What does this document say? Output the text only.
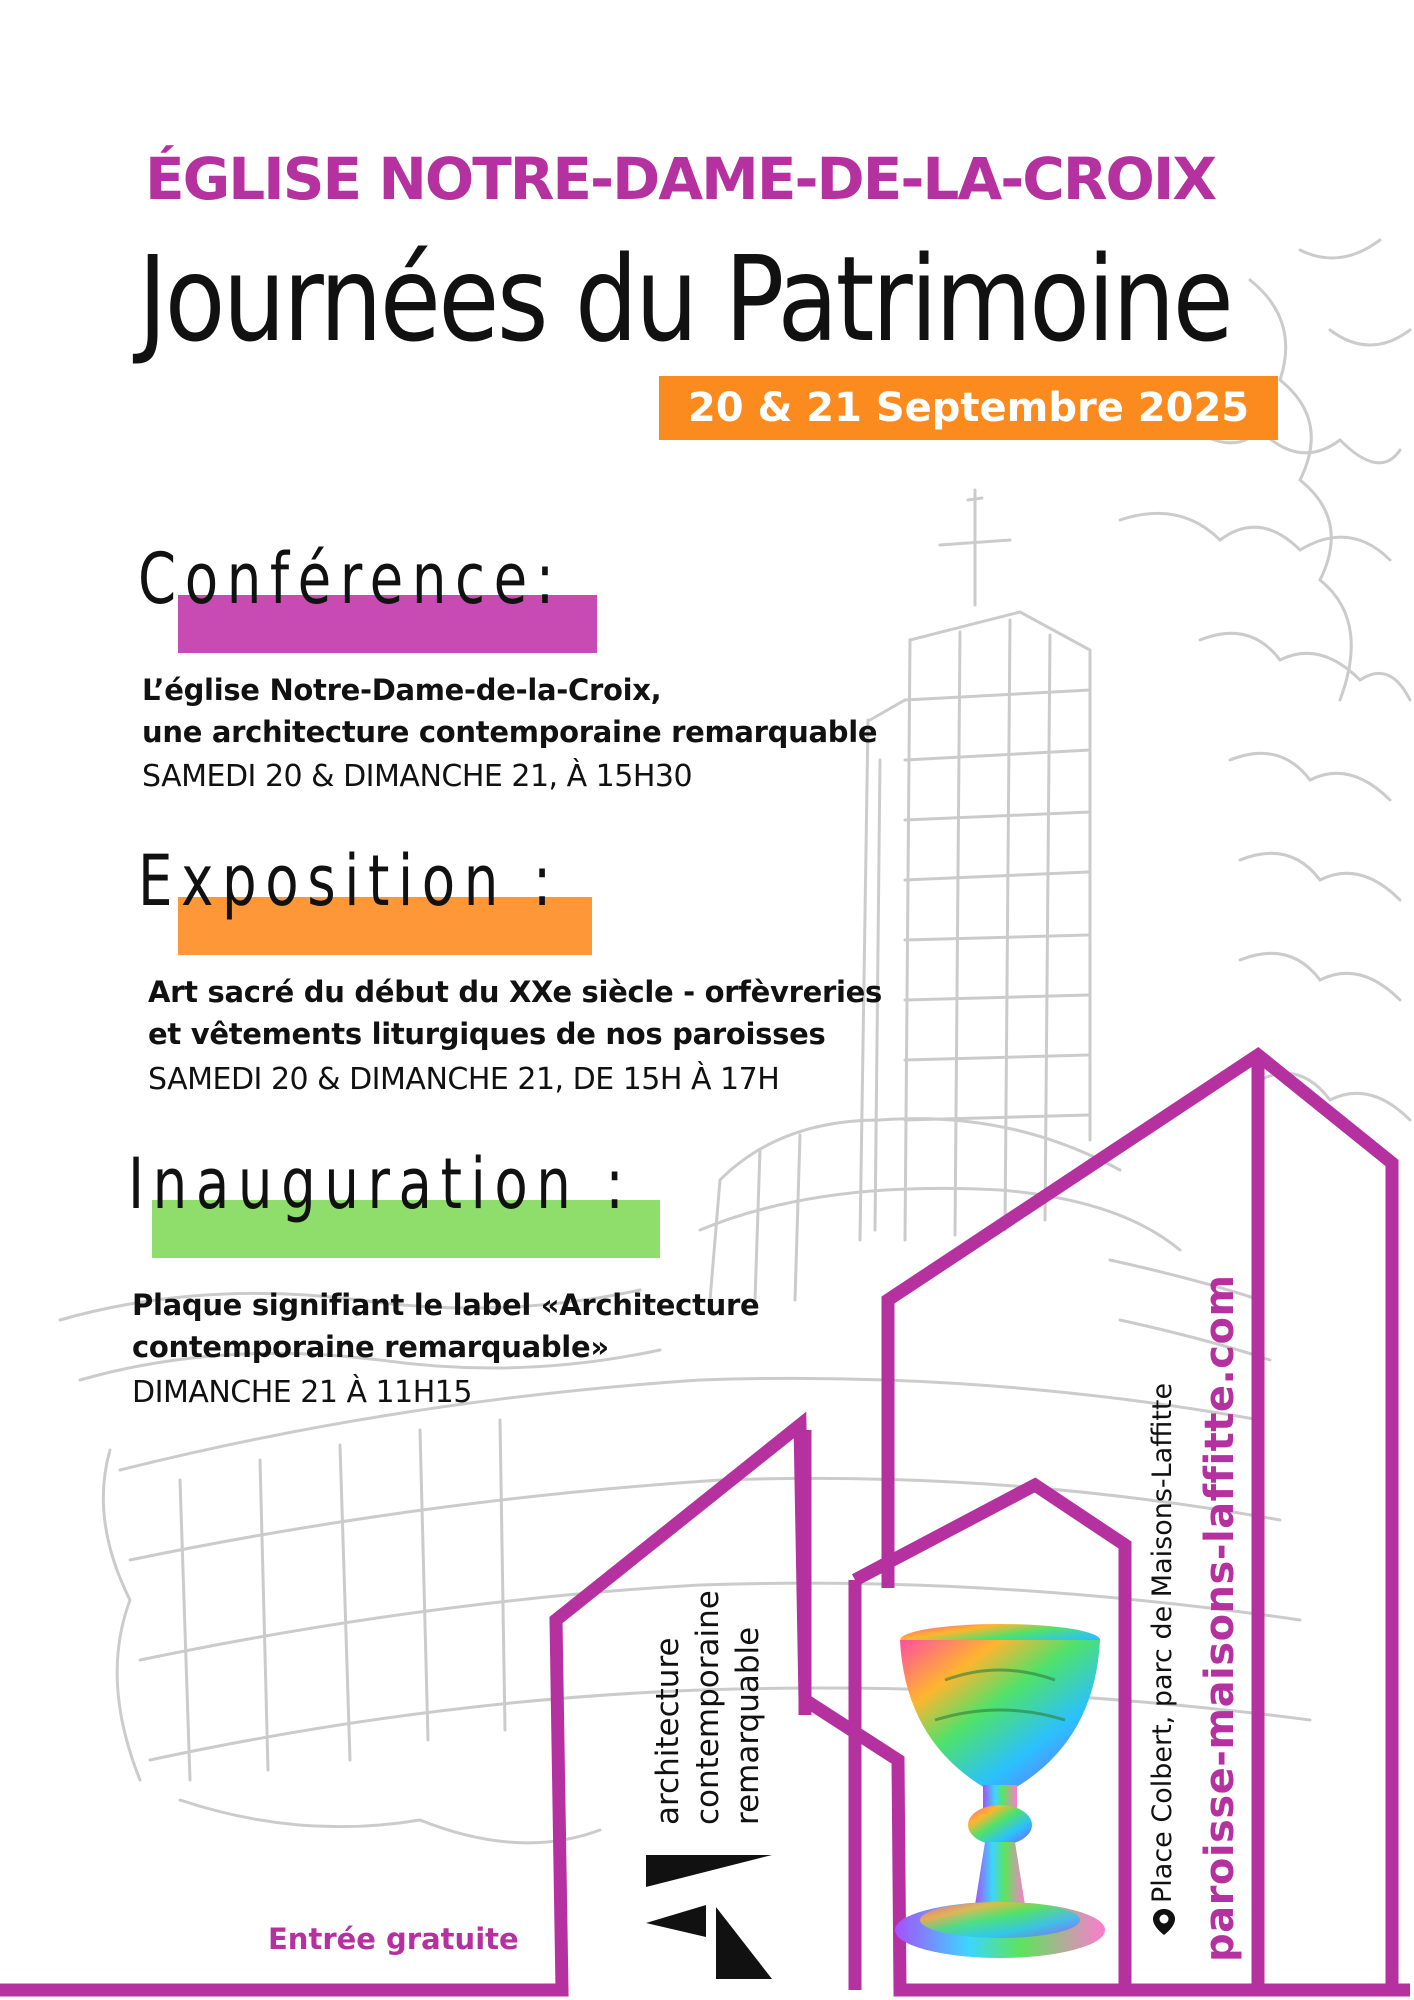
ÉGLISE NOTRE-DAME-DE-LA-CROIX
Journées du Patrimoine
20 & 21 Septembre 2025
Conférence:
L’église Notre-Dame-de-la-Croix,
une architecture contemporaine remarquable
SAMEDI 20 & DIMANCHE 21, À 15H30
Exposition :
Art sacré du début du XXe siècle - orfèvreries
et vêtements liturgiques de nos paroisses
SAMEDI 20 & DIMANCHE 21, DE 15H À 17H
Inauguration :
Plaque signifiant le label «Architecture
contemporaine remarquable»
DIMANCHE 21 À 11H15
architecture contemporaine remarquable	Place Colbert, parc de Maisons-Laffitte paroisse-maisons-laffitte.com
Entrée gratuite
